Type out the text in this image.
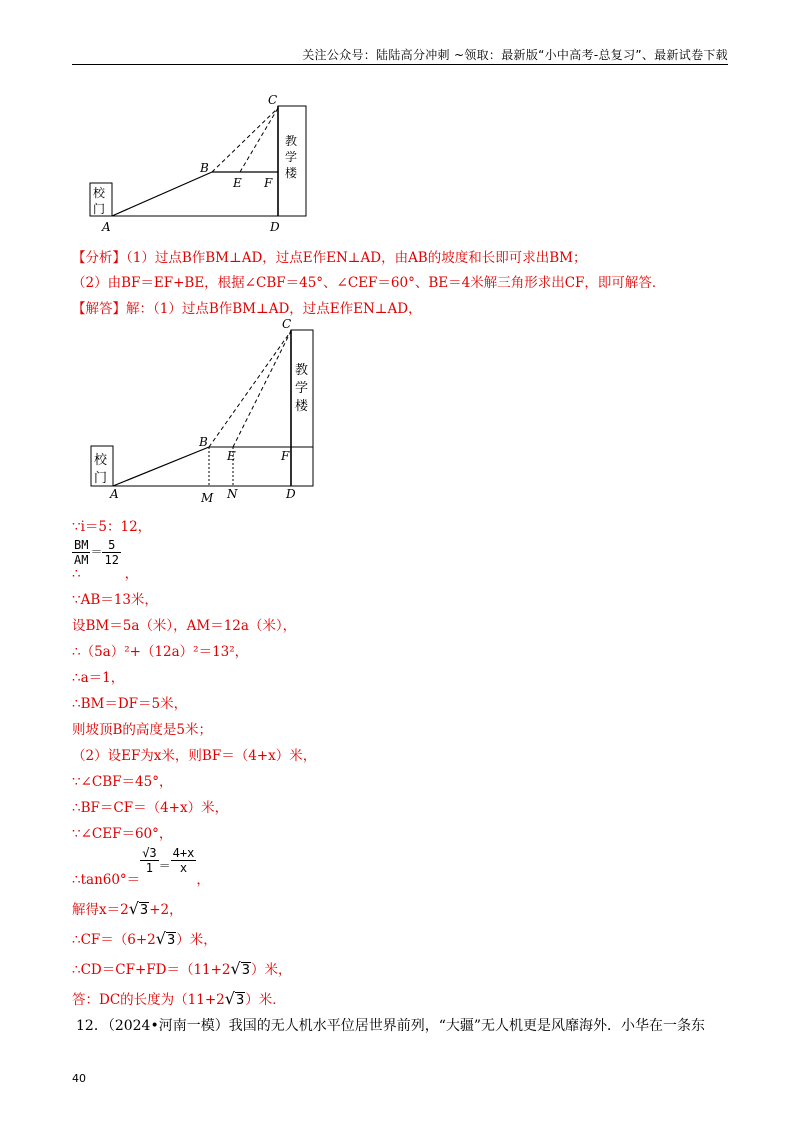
关注公众号：陆陆高分冲刺 ~领取：最新版“小中高考-总复习”、最新试卷下载
校
门
教
学
楼
C
B
E F
A	D
【分析】（1）过点B作BM⊥AD，过点E作EN⊥AD，由AB的坡度和长即可求出BM；
（2）由BF＝EF+BE，根据∠CBF＝45°、∠CEF＝60°、BE＝4米解三角形求出CF，即可解答．
【解答】解：（1）过点B作BM⊥AD，过点E作EN⊥AD，
校
门
教
学
楼
C
B
E	F
A	M N	D
∵i＝5：12，
$\frac{BM}{AM} = \frac{5}{12}$
∴	，
∵AB＝13米，
设BM＝5a（米），AM＝12a（米），
∴（5a）²+（12a）²＝13²，
∴a＝1，
∴BM＝DF＝5米，
则坡顶B的高度是5米；
（2）设EF为x米，则BF＝（4+x）米，
∵∠CBF＝45°，
∴BF＝CF＝（4+x）米，
∵∠CEF＝60°，
∴tan60°＝
$\frac{√3}{1} = \frac{4+x}{x}$
，
解得x＝2√3+2，
∴CF＝（6+2√3）米，
∴CD＝CF+FD＝（11+2√3）米，
答：DC的长度为（11+2√3）米．
12．（2024•河南一模）我国的无人机水平位居世界前列，“大疆”无人机更是风靡海外．小华在一条东
40
